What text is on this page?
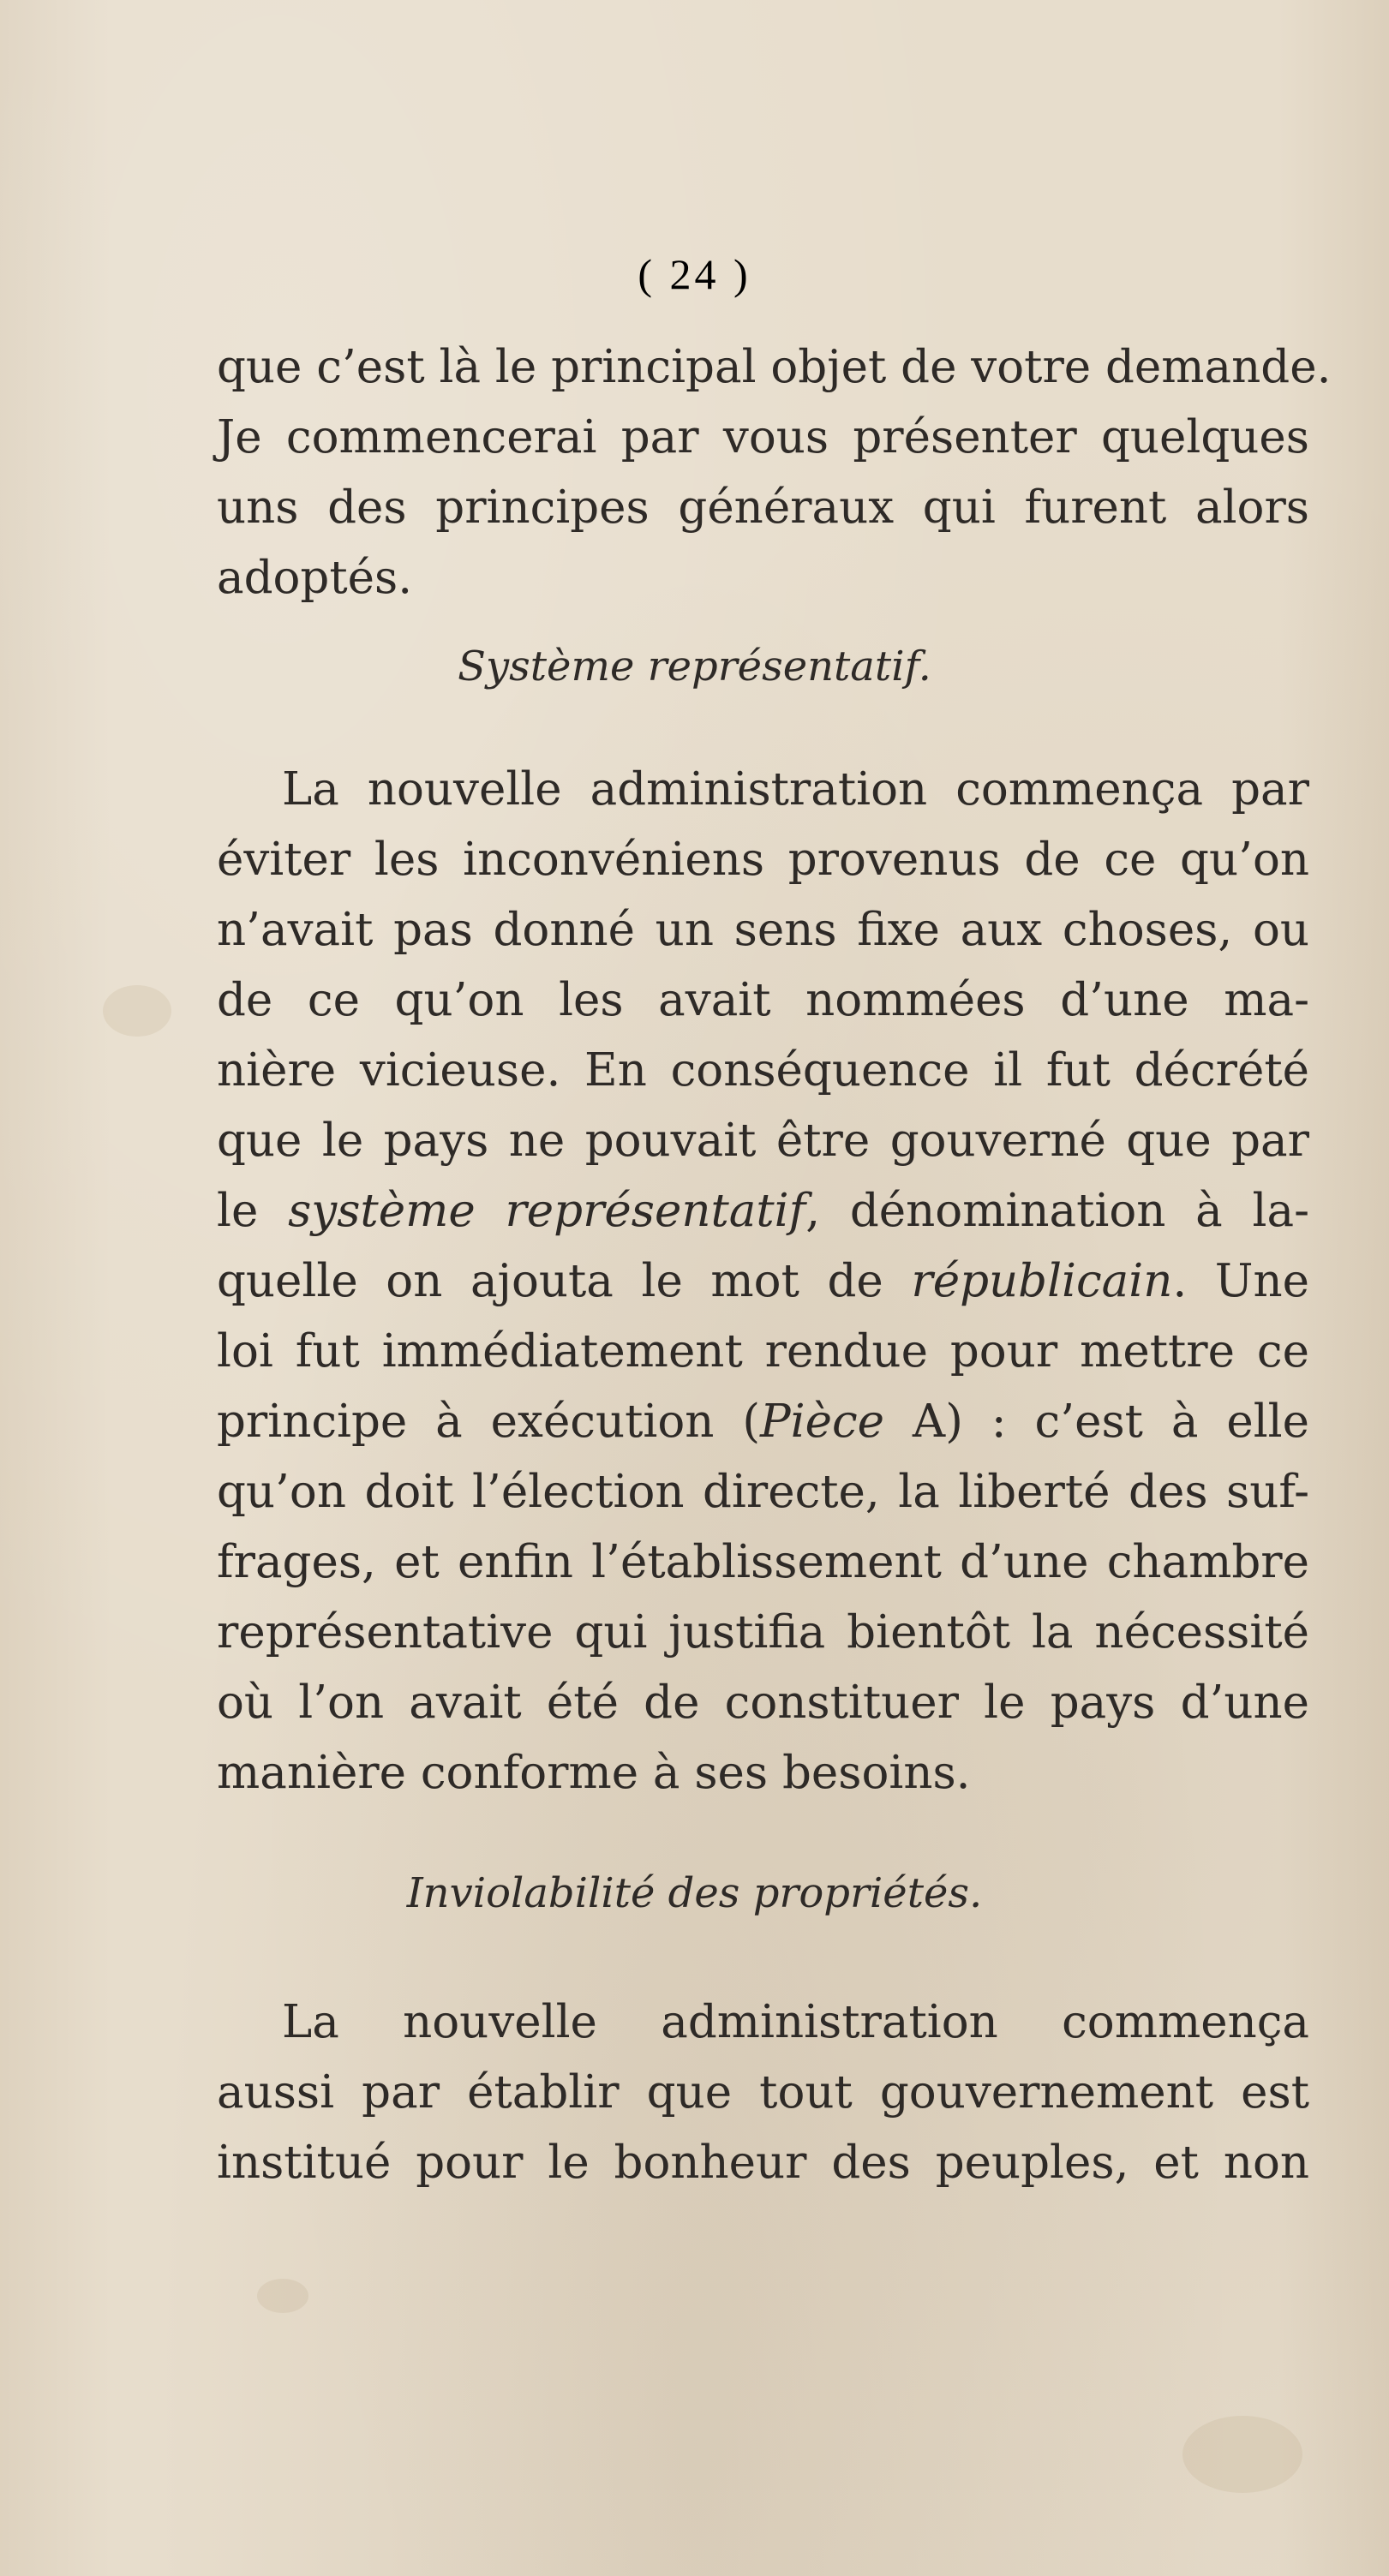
( 24 )
que c’est là le principal objet de votre demande.
Je commencerai par vous présenter quelques
uns des principes généraux qui furent alors
adoptés.
Système représentatif.
La nouvelle administration commença par
éviter les inconvéniens provenus de ce qu’on
n’avait pas donné un sens fixe aux choses, ou
de ce qu’on les avait nommées d’une ma-
nière vicieuse. En conséquence il fut décrété
que le pays ne pouvait être gouverné que par
le système représentatif, dénomination à la-
quelle on ajouta le mot de républicain. Une
loi fut immédiatement rendue pour mettre ce
principe à exécution (Pièce A) : c’est à elle
qu’on doit l’élection directe, la liberté des suf-
frages, et enfin l’établissement d’une chambre
représentative qui justifia bientôt la nécessité
où l’on avait été de constituer le pays d’une
manière conforme à ses besoins.
Inviolabilité des propriétés.
La nouvelle administration commença
aussi par établir que tout gouvernement est
institué pour le bonheur des peuples, et non
